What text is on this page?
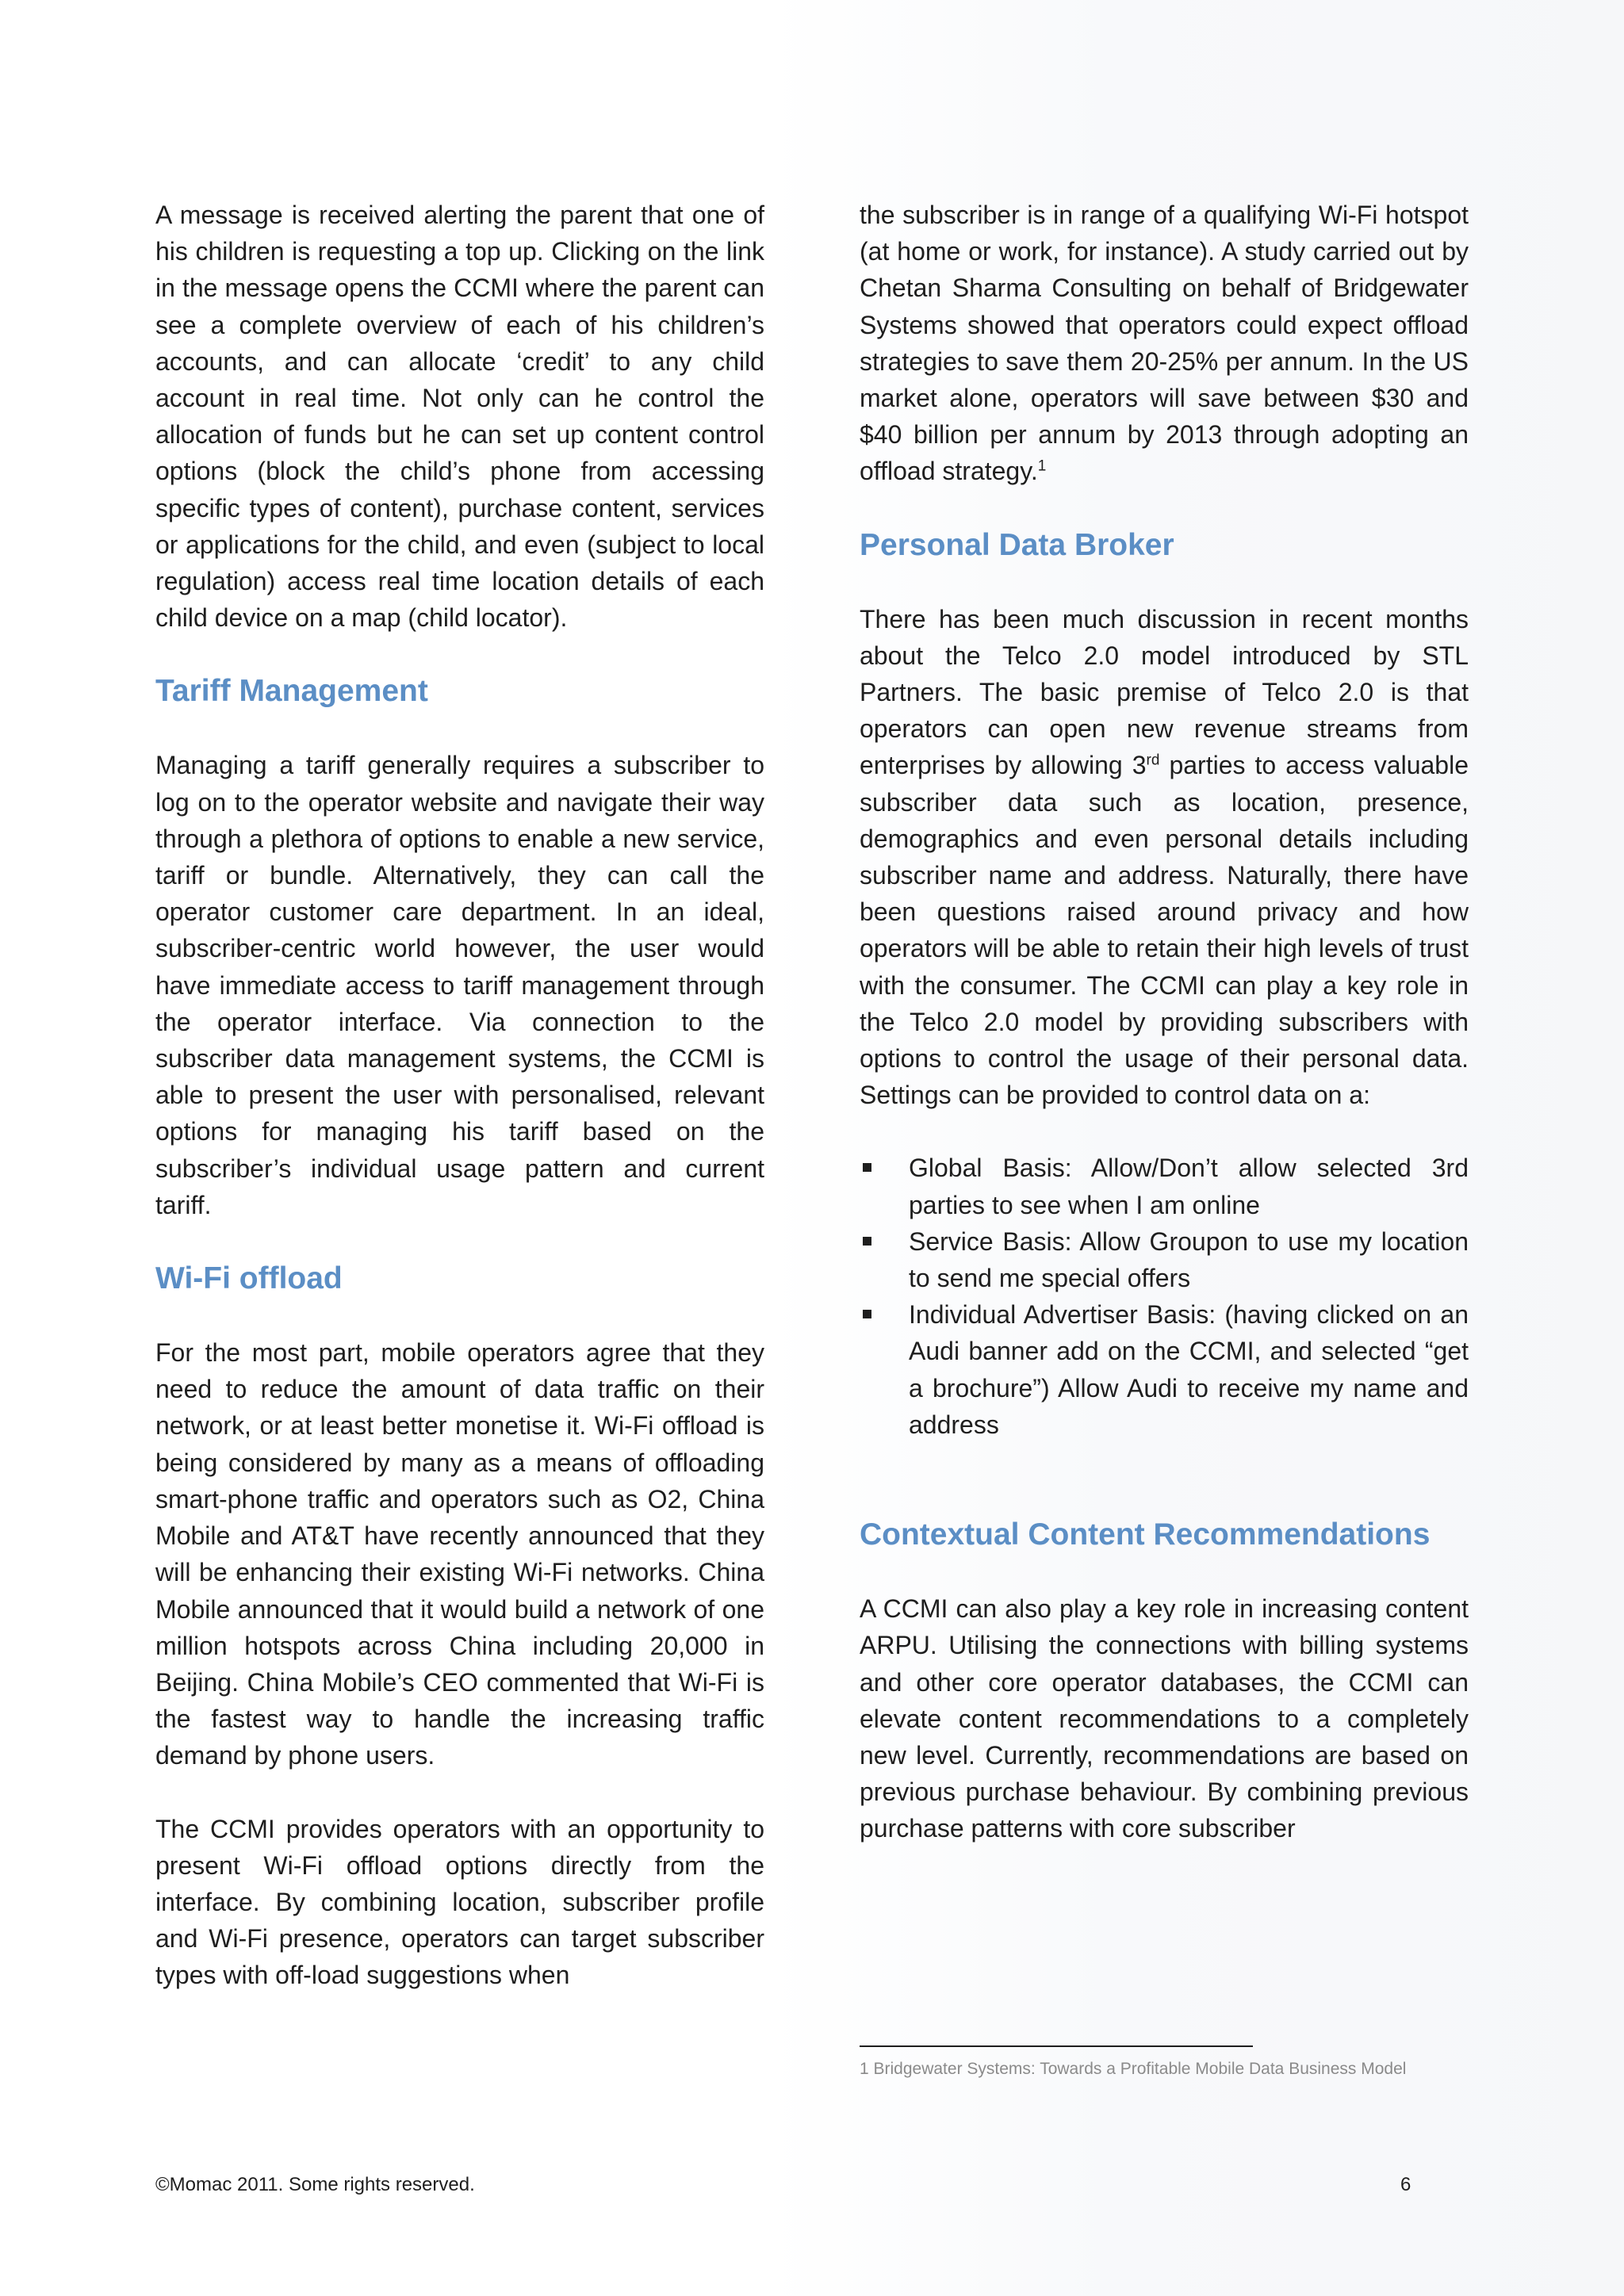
A message is received alerting the parent that one of his children is requesting a top up. Clicking on the link in the message opens the CCMI where the parent can see a complete overview of each of his children’s accounts, and can allocate ‘credit’ to any child account in real time. Not only can he control the allocation of funds but he can set up content control options (block the child’s phone from accessing specific types of content), purchase content, services or applications for the child, and even (subject to local regulation) access real time location details of each child device on a map (child locator).

Tariff Management

Managing a tariff generally requires a subscriber to log on to the operator website and navigate their way through a plethora of options to enable a new service, tariff or bundle. Alternatively, they can call the operator customer care department. In an ideal, subscriber-centric world however, the user would have immediate access to tariff management through the operator interface. Via connection to the subscriber data management systems, the CCMI is able to present the user with personalised, relevant options for managing his tariff based on the subscriber’s individual usage pattern and current tariff.

Wi-Fi offload

For the most part, mobile operators agree that they need to reduce the amount of data traffic on their network, or at least better monetise it. Wi-Fi offload is being considered by many as a means of offloading smart-phone traffic and operators such as O2, China Mobile and AT&T have recently announced that they will be enhancing their existing Wi-Fi networks. China Mobile announced that it would build a network of one million hotspots across China including 20,000 in Beijing. China Mobile’s CEO commented that Wi-Fi is the fastest way to handle the increasing traffic demand by phone users.

The CCMI provides operators with an opportunity to present Wi-Fi offload options directly from the interface. By combining location, subscriber profile and Wi-Fi presence, operators can target subscriber types with off-load suggestions when

the subscriber is in range of a qualifying Wi-Fi hotspot (at home or work, for instance). A study carried out by Chetan Sharma Consulting on behalf of Bridgewater Systems showed that operators could expect offload strategies to save them 20-25% per annum. In the US market alone, operators will save between $30 and $40 billion per annum by 2013 through adopting an offload strategy.$^1$

Personal Data Broker

There has been much discussion in recent months about the Telco 2.0 model introduced by STL Partners. The basic premise of Telco 2.0 is that operators can open new revenue streams from enterprises by allowing 3rd parties to access valuable subscriber data such as location, presence, demographics and even personal details including subscriber name and address. Naturally, there have been questions raised around privacy and how operators will be able to retain their high levels of trust with the consumer. The CCMI can play a key role in the Telco 2.0 model by providing subscribers with options to control the usage of their personal data. Settings can be provided to control data on a:

Global Basis: Allow/Don’t allow selected 3rd parties to see when I am online
Service Basis: Allow Groupon to use my location to send me special offers
Individual Advertiser Basis: (having clicked on an Audi banner add on the CCMI, and selected “get a brochure”) Allow Audi to receive my name and address
Contextual Content Recommendations

A CCMI can also play a key role in increasing content ARPU. Utilising the connections with billing systems and other core operator databases, the CCMI can elevate content recommendations to a completely new level. Currently, recommendations are based on previous purchase behaviour. By combining previous purchase patterns with core subscriber

1 Bridgewater Systems: Towards a Profitable Mobile Data Business Model
©Momac 2011. Some rights reserved.	6
